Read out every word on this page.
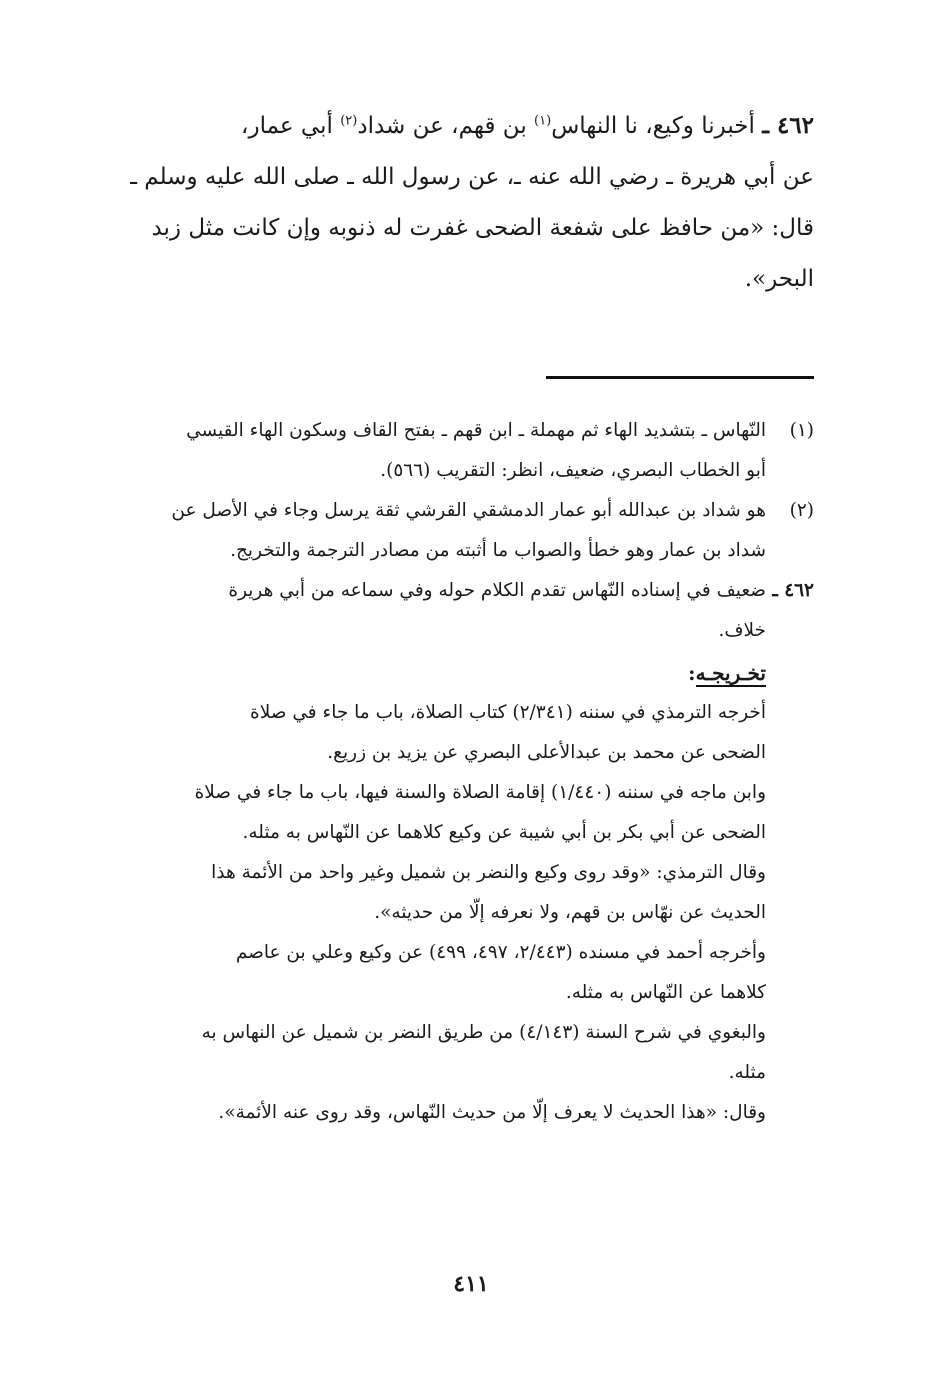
٤٦٢ ـ أخبرنا وكيع، نا النهاس$^{(١)}$ بن قهم، عن شداد$^{(٢)}$ أبي عمار،

عن أبي هريرة ـ رضي الله عنه ـ، عن رسول الله ـ صلى الله عليه وسلم ـ

قال: «من حافظ على شفعة الضحى غفرت له ذنوبه وإن كانت مثل زبد

البحر».

(١)
النّهاس ـ بتشديد الهاء ثم مهملة ـ ابن قهم ـ بفتح القاف وسكون الهاء القيسي
أبو الخطاب البصري، ضعيف، انظر: التقريب (٥٦٦).
(٢)
هو شداد بن عبدالله أبو عمار الدمشقي القرشي ثقة يرسل وجاء في الأصل عن
شداد بن عمار وهو خطأ والصواب ما أثبته من مصادر الترجمة والتخريج.
٤٦٢ ـ
ضعيف في إسناده النّهاس تقدم الكلام حوله وفي سماعه من أبي هريرة
خلاف.
تخـريجـه:
أخرجه الترمذي في سننه (٢/٣٤١) كتاب الصلاة، باب ما جاء في صلاة
الضحى عن محمد بن عبدالأعلى البصري عن يزيد بن زريع.
وابن ماجه في سننه (١/٤٤٠) إقامة الصلاة والسنة فيها، باب ما جاء في صلاة
الضحى عن أبي بكر بن أبي شيبة عن وكيع كلاهما عن النّهاس به مثله.
وقال الترمذي: «وقد روى وكيع والنضر بن شميل وغير واحد من الأئمة هذا
الحديث عن نهّاس بن قهم، ولا نعرفه إلّا من حديثه».
وأخرجه أحمد في مسنده (٢/٤٤٣، ٤٩٧، ٤٩٩) عن وكيع وعلي بن عاصم
كلاهما عن النّهاس به مثله.
والبغوي في شرح السنة (٤/١٤٣) من طريق النضر بن شميل عن النهاس به
مثله.
وقال: «هذا الحديث لا يعرف إلّا من حديث النّهاس، وقد روى عنه الأئمة».
٤١١
